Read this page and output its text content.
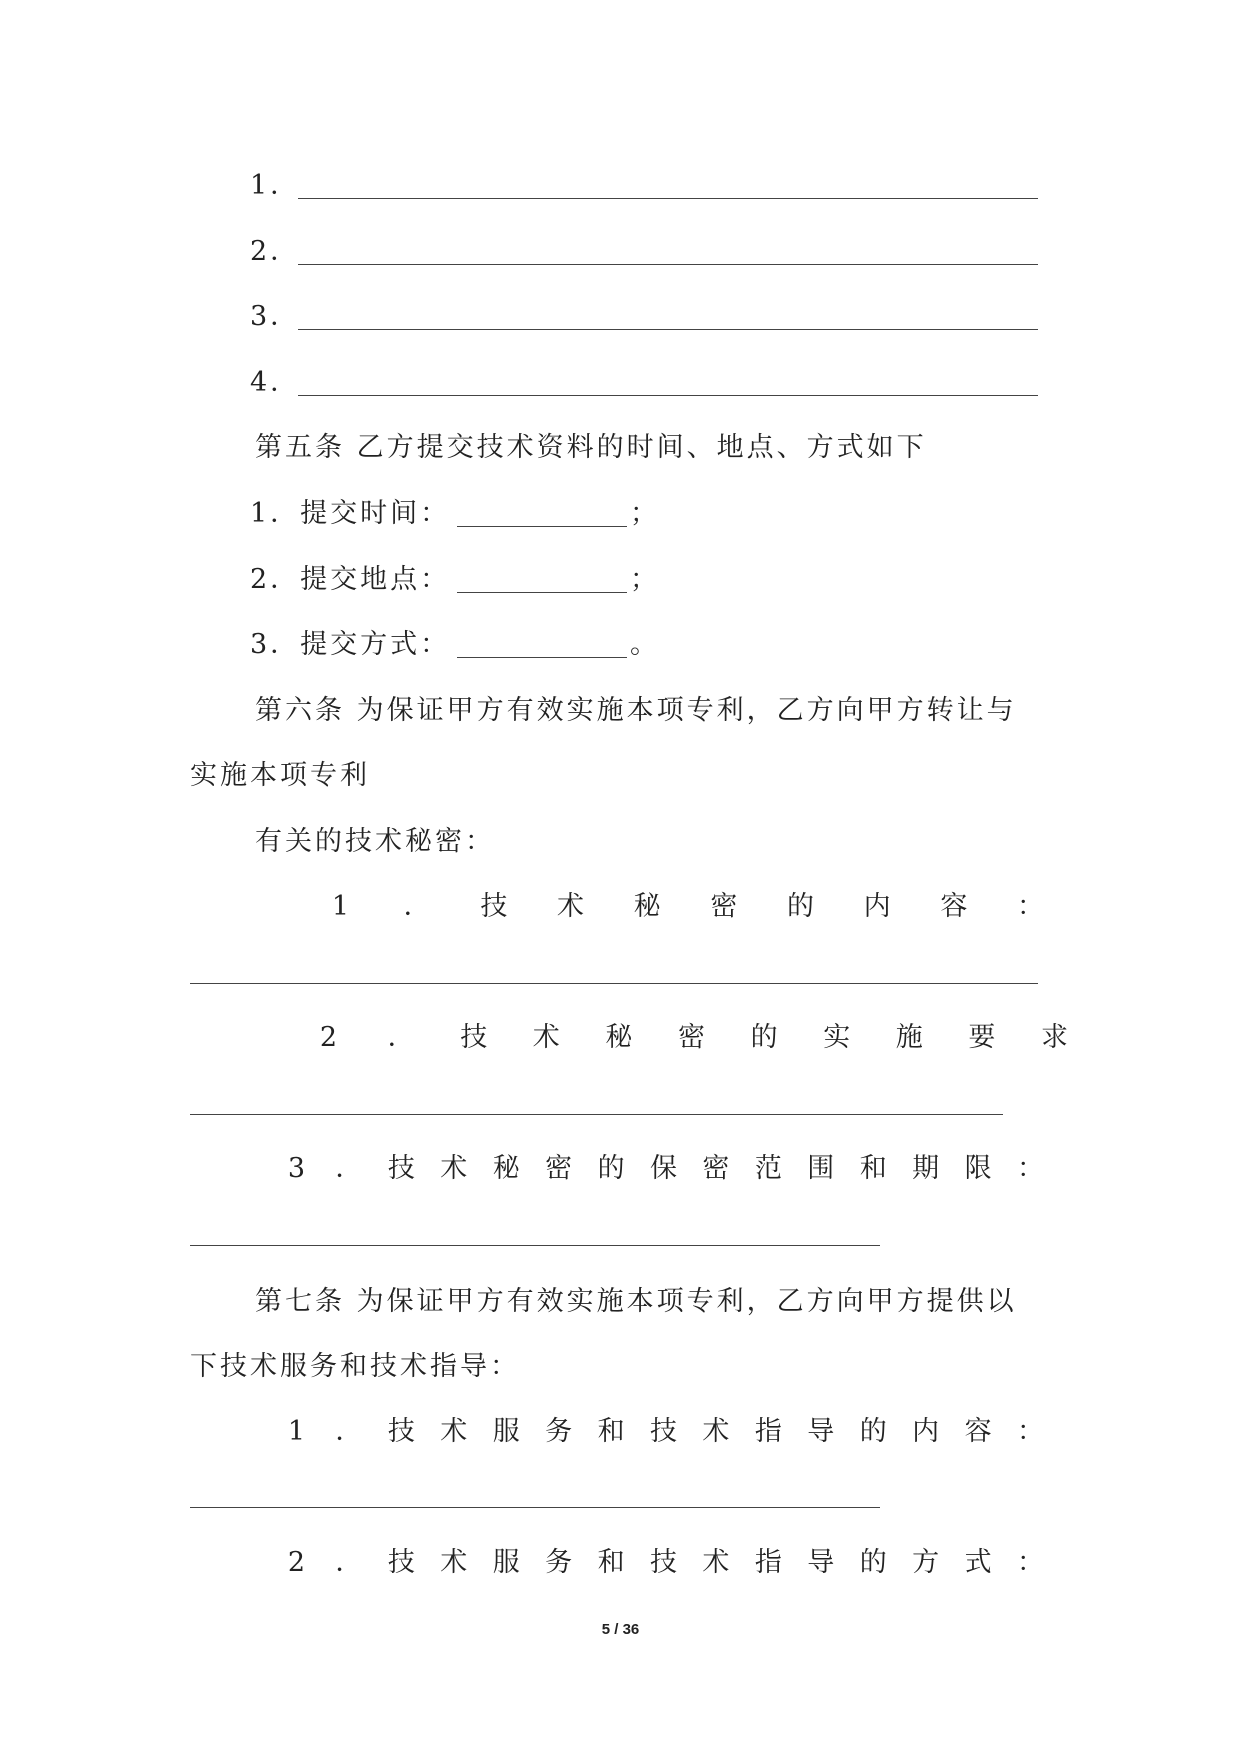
1．
2．
3．
4．
第五条 乙方提交技术资料的时间、地点、方式如下
1．提交时间：	；
2．提交地点：	；
3．提交方式：	。
第六条 为保证甲方有效实施本项专利，乙方向甲方转让与
实施本项专利
有关的技术秘密：
1 ． 技 术 秘 密 的 内 容 ：
2 ． 技 术 秘 密 的 实 施 要 求
3 ． 技 术 秘 密 的 保 密 范 围 和 期 限 ：
第七条 为保证甲方有效实施本项专利，乙方向甲方提供以
下技术服务和技术指导：
1 ． 技 术 服 务 和 技 术 指 导 的 内 容 ：
2 ． 技 术 服 务 和 技 术 指 导 的 方 式 ：
5 / 36
